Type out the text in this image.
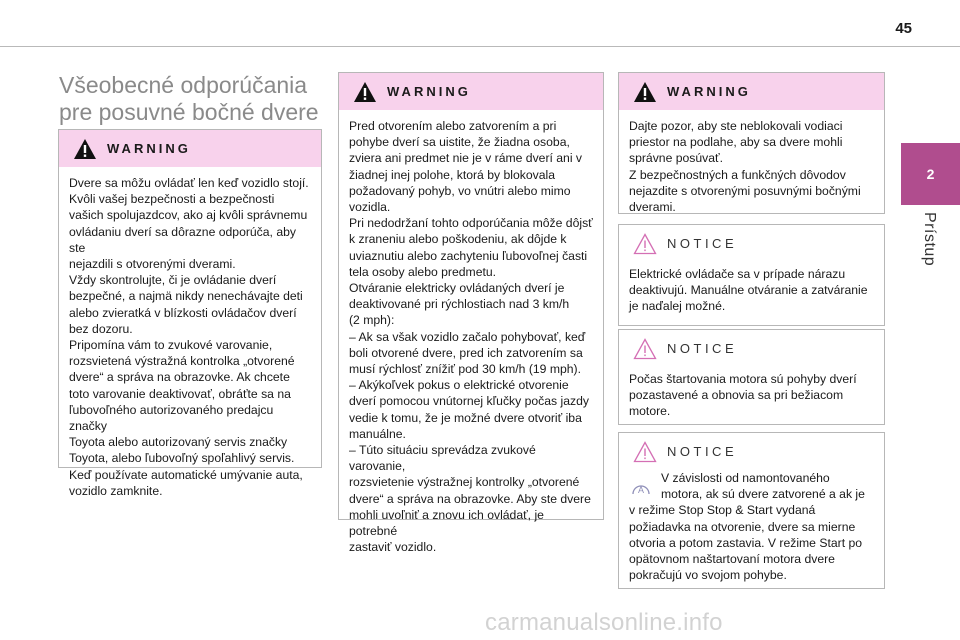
45
2
Prístup
Všeobecné odporúčania pre posuvné bočné dvere
WARNING
Dvere sa môžu ovládať len keď vozidlo stojí.
Kvôli vašej bezpečnosti a bezpečnosti
vašich spolujazdcov, ako aj kvôli správnemu
ovládaniu dverí sa dôrazne odporúča, aby ste
nejazdili s otvorenými dverami.
Vždy skontrolujte, či je ovládanie dverí
bezpečné, a najmä nikdy nenechávajte deti
alebo zvieratká v blízkosti ovládačov dverí
bez dozoru.
Pripomína vám to zvukové varovanie,
rozsvietená výstražná kontrolka „otvorené
dvere“ a správa na obrazovke. Ak chcete
toto varovanie deaktivovať, obráťte sa na
ľubovoľného autorizovaného predajcu značky
Toyota alebo autorizovaný servis značky
Toyota, alebo ľubovoľný spoľahlivý servis.
Keď používate automatické umývanie auta,
vozidlo zamknite.
WARNING
Pred otvorením alebo zatvorením a pri
pohybe dverí sa uistite, že žiadna osoba,
zviera ani predmet nie je v ráme dverí ani v
žiadnej inej polohe, ktorá by blokovala
požadovaný pohyb, vo vnútri alebo mimo
vozidla.
Pri nedodržaní tohto odporúčania môže dôjsť
k zraneniu alebo poškodeniu, ak dôjde k
uviaznutiu alebo zachyteniu ľubovoľnej časti
tela osoby alebo predmetu.
Otváranie elektricky ovládaných dverí je
deaktivované pri rýchlostiach nad 3 km/h
(2 mph):
– Ak sa však vozidlo začalo pohybovať, keď
boli otvorené dvere, pred ich zatvorením sa
musí rýchlosť znížiť pod 30 km/h (19 mph).
– Akýkoľvek pokus o elektrické otvorenie
dverí pomocou vnútornej kľučky počas jazdy
vedie k tomu, že je možné dvere otvoriť iba
manuálne.
– Túto situáciu sprevádza zvukové varovanie,
rozsvietenie výstražnej kontrolky „otvorené
dvere“ a správa na obrazovke. Aby ste dvere
mohli uvoľniť a znovu ich ovládať, je potrebné
zastaviť vozidlo.
WARNING
Dajte pozor, aby ste neblokovali vodiaci
priestor na podlahe, aby sa dvere mohli
správne posúvať.
Z bezpečnostných a funkčných dôvodov
nejazdite s otvorenými posuvnými bočnými
dverami.
NOTICE
Elektrické ovládače sa v prípade nárazu
deaktivujú. Manuálne otváranie a zatváranie
je naďalej možné.
NOTICE
Počas štartovania motora sú pohyby dverí
pozastavené a obnovia sa pri bežiacom
motore.
NOTICE
A
V závislosti od namontovaného
motora, ak sú dvere zatvorené a ak je
v režime Stop Stop & Start vydaná
požiadavka na otvorenie, dvere sa mierne
otvoria a potom zastavia. V režime Start po
opätovnom naštartovaní motora dvere
pokračujú vo svojom pohybe.
carmanualsonline.info
